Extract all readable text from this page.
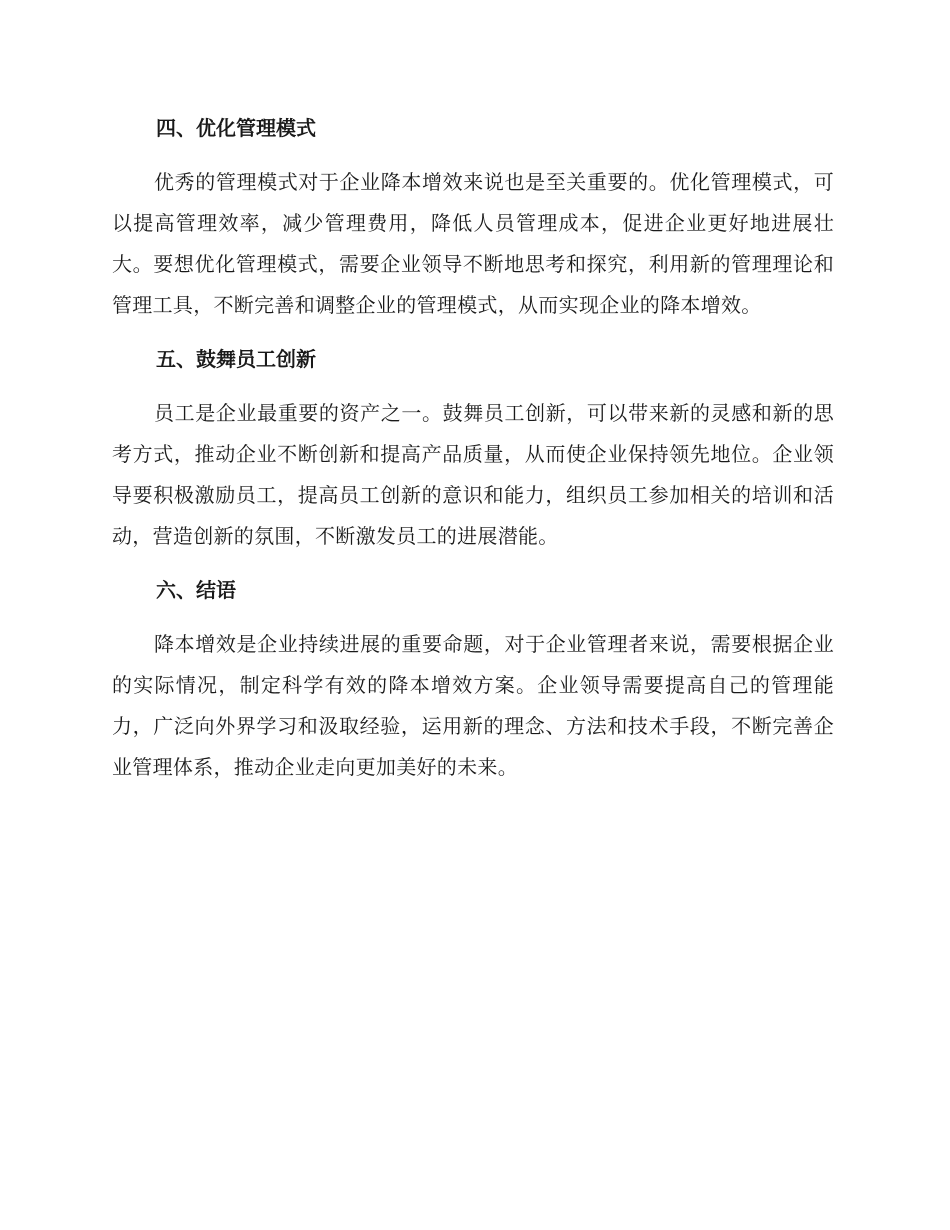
四、优化管理模式

优秀的管理模式对于企业降本增效来说也是至关重要的。优化管理模式，可以提高管理效率，减少管理费用，降低人员管理成本，促进企业更好地进展壮大。要想优化管理模式，需要企业领导不断地思考和探究，利用新的管理理论和管理工具，不断完善和调整企业的管理模式，从而实现企业的降本增效。

五、鼓舞员工创新

员工是企业最重要的资产之一。鼓舞员工创新，可以带来新的灵感和新的思考方式，推动企业不断创新和提高产品质量，从而使企业保持领先地位。企业领导要积极激励员工，提高员工创新的意识和能力，组织员工参加相关的培训和活动，营造创新的氛围，不断激发员工的进展潜能。

六、结语

降本增效是企业持续进展的重要命题，对于企业管理者来说，需要根据企业的实际情况，制定科学有效的降本增效方案。企业领导需要提高自己的管理能力，广泛向外界学习和汲取经验，运用新的理念、方法和技术手段，不断完善企业管理体系，推动企业走向更加美好的未来。
